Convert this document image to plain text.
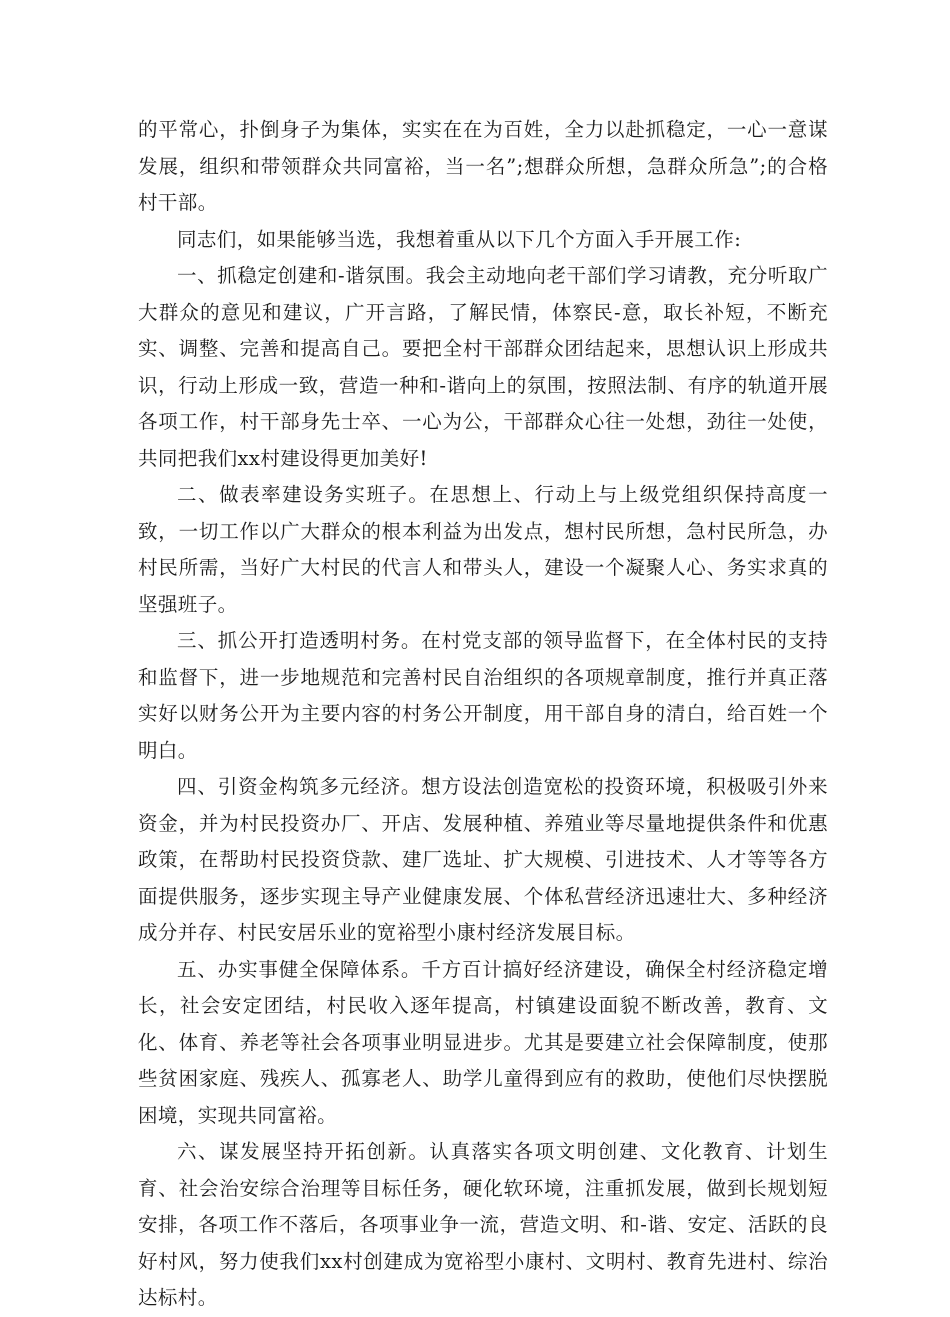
的平常心，扑倒身子为集体，实实在在为百姓，全力以赴抓稳定，一心一意谋发展，组织和带领群众共同富裕，当一名”;想群众所想，急群众所急”;的合格村干部。

同志们，如果能够当选，我想着重从以下几个方面入手开展工作:

一、抓稳定创建和-谐氛围。我会主动地向老干部们学习请教，充分听取广大群众的意见和建议，广开言路，了解民情，体察民-意，取长补短，不断充实、调整、完善和提高自己。要把全村干部群众团结起来，思想认识上形成共识，行动上形成一致，营造一种和-谐向上的氛围，按照法制、有序的轨道开展各项工作，村干部身先士卒、一心为公，干部群众心往一处想，劲往一处使，共同把我们xx村建设得更加美好!

二、做表率建设务实班子。在思想上、行动上与上级党组织保持高度一致，一切工作以广大群众的根本利益为出发点，想村民所想，急村民所急，办村民所需，当好广大村民的代言人和带头人，建设一个凝聚人心、务实求真的坚强班子。

三、抓公开打造透明村务。在村党支部的领导监督下，在全体村民的支持和监督下，进一步地规范和完善村民自治组织的各项规章制度，推行并真正落实好以财务公开为主要内容的村务公开制度，用干部自身的清白，给百姓一个明白。

四、引资金构筑多元经济。想方设法创造宽松的投资环境，积极吸引外来资金，并为村民投资办厂、开店、发展种植、养殖业等尽量地提供条件和优惠政策，在帮助村民投资贷款、建厂选址、扩大规模、引进技术、人才等等各方面提供服务，逐步实现主导产业健康发展、个体私营经济迅速壮大、多种经济成分并存、村民安居乐业的宽裕型小康村经济发展目标。

五、办实事健全保障体系。千方百计搞好经济建设，确保全村经济稳定增长，社会安定团结，村民收入逐年提高，村镇建设面貌不断改善，教育、文化、体育、养老等社会各项事业明显进步。尤其是要建立社会保障制度，使那些贫困家庭、残疾人、孤寡老人、助学儿童得到应有的救助，使他们尽快摆脱困境，实现共同富裕。

六、谋发展坚持开拓创新。认真落实各项文明创建、文化教育、计划生育、社会治安综合治理等目标任务，硬化软环境，注重抓发展，做到长规划短安排，各项工作不落后，各项事业争一流，营造文明、和-谐、安定、活跃的良好村风，努力使我们xx村创建成为宽裕型小康村、文明村、教育先进村、综治达标村。
